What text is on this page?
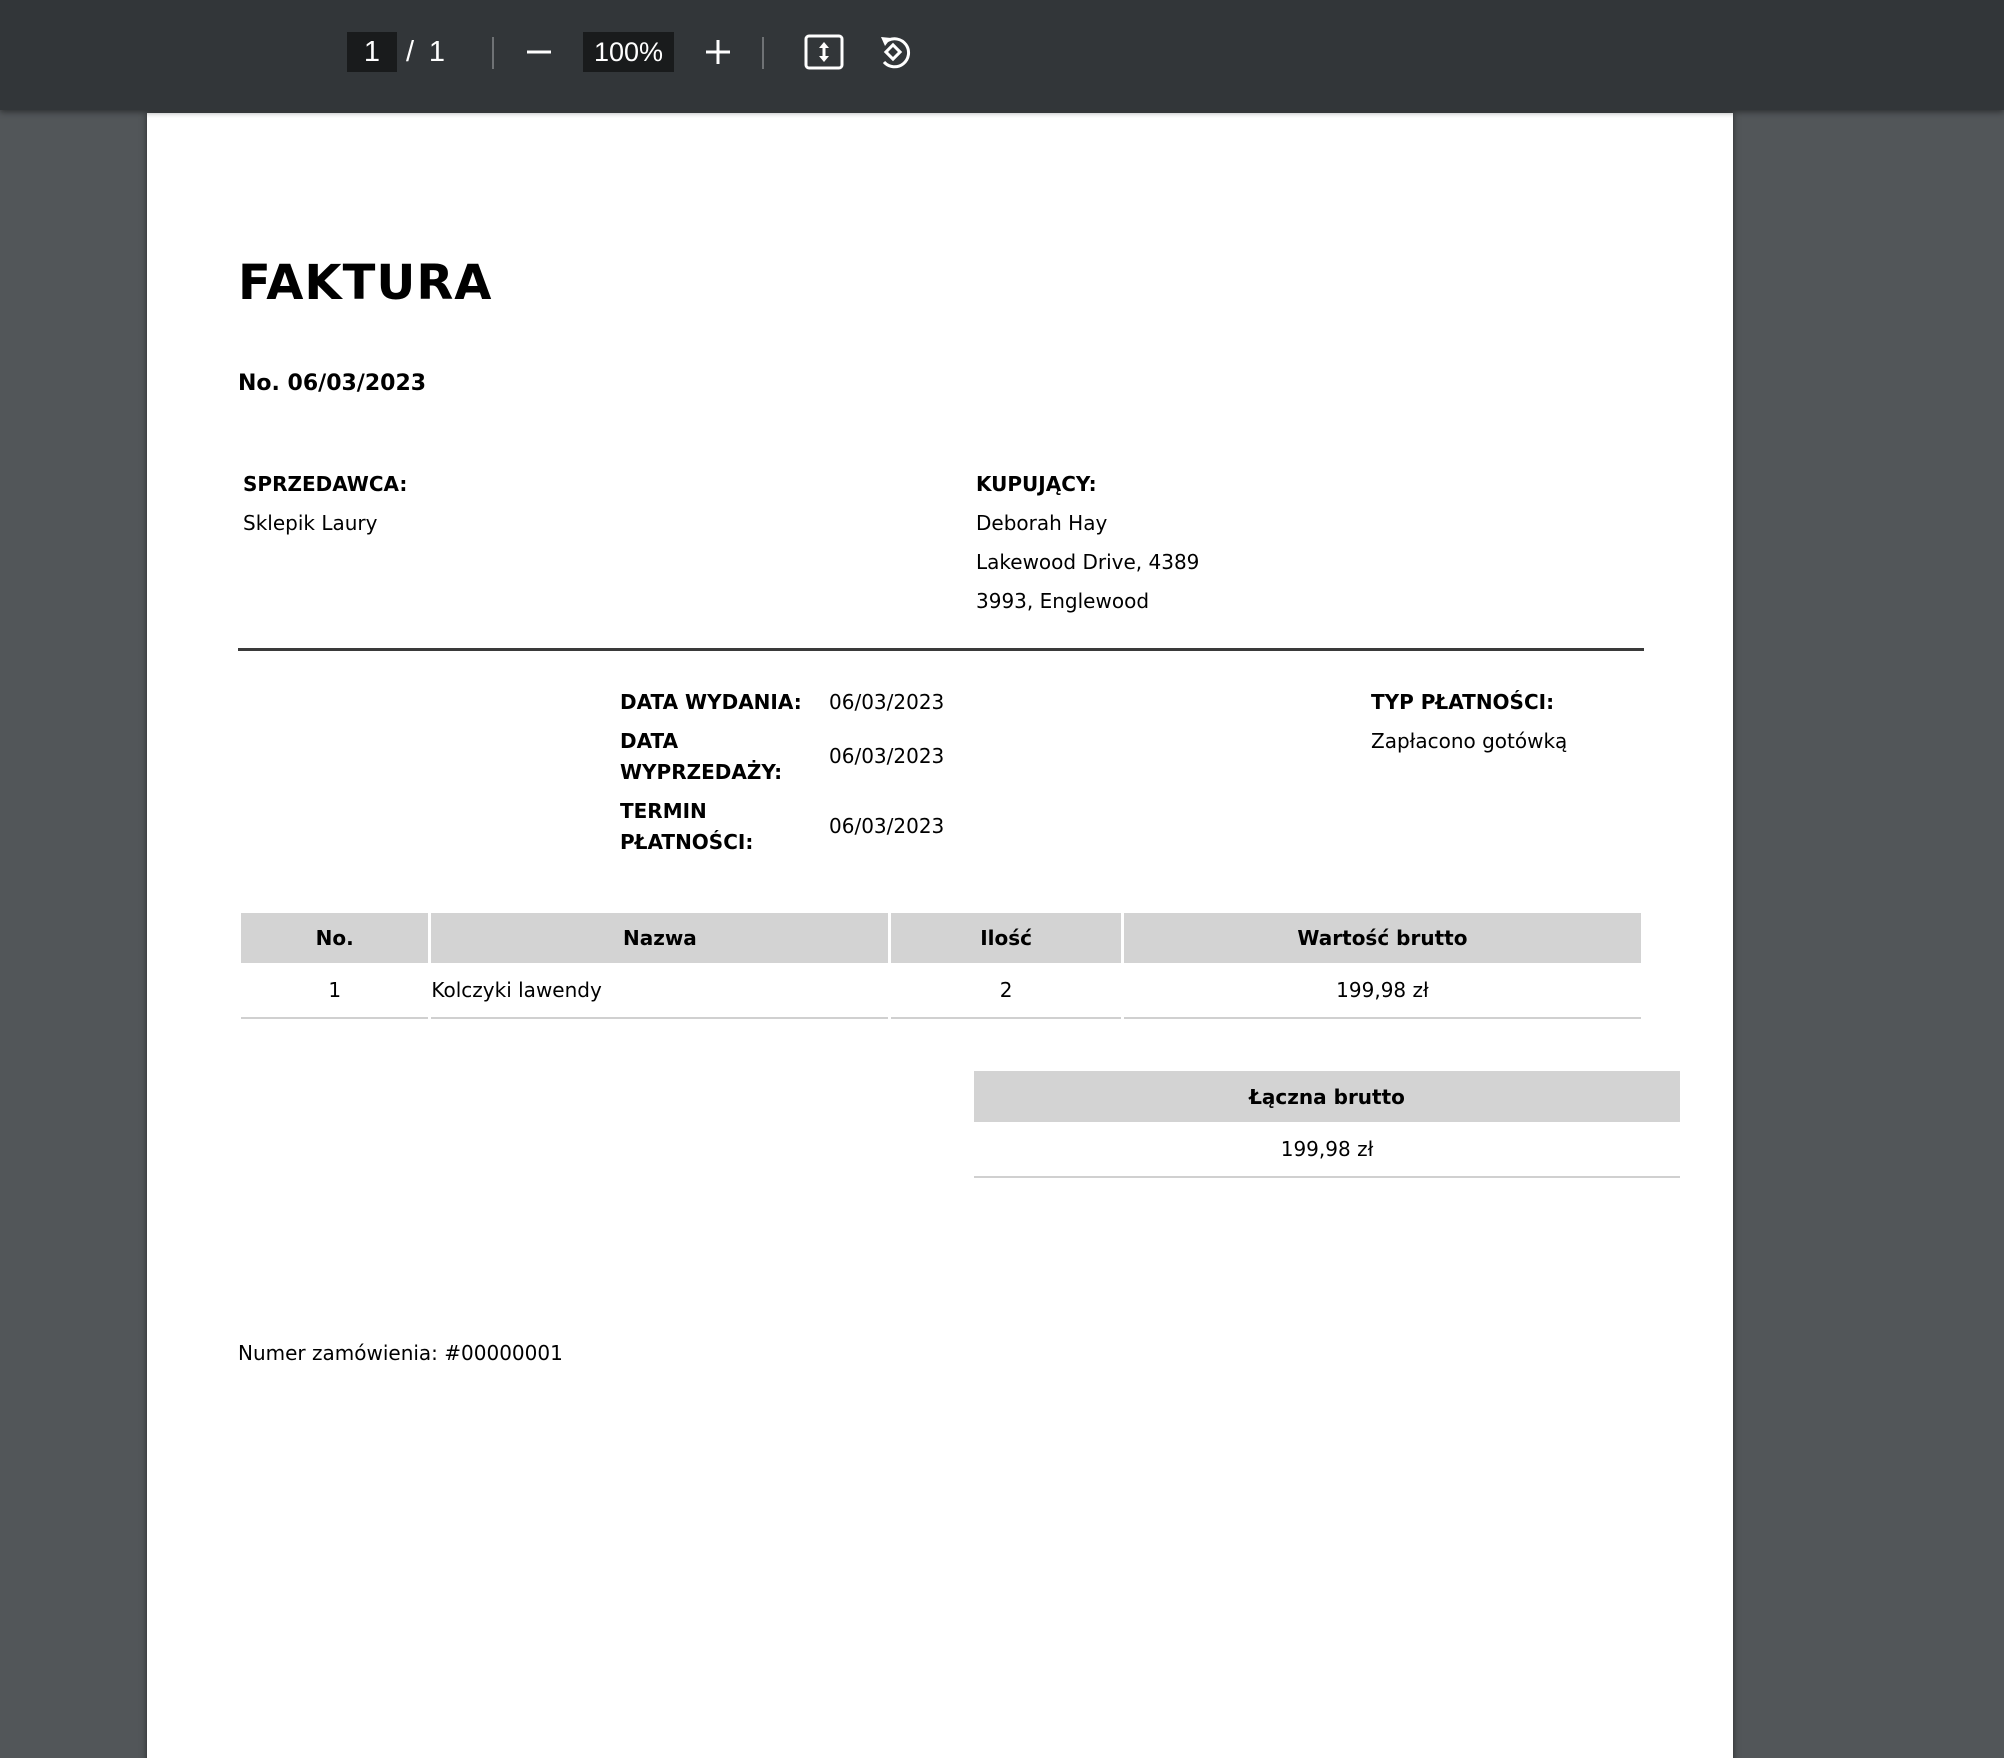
1 / 1	100%
FAKTURA
No. 06/03/2023
SPRZEDAWCA:
Sklepik Laury
KUPUJĄCY:
Deborah Hay
Lakewood Drive, 4389
3993, Englewood
DATA WYDANIA: 06/03/2023
DATA
WYPRZEDAŻY:
06/03/2023
TERMIN
PŁATNOŚCI:
06/03/2023
TYP PŁATNOŚCI:
Zapłacono gotówką
No.	Nazwa	Ilość	Wartość brutto
1	Kolczyki lawendy	2	199,98 zł
Łączna brutto
199,98 zł
Numer zamówienia: #00000001
